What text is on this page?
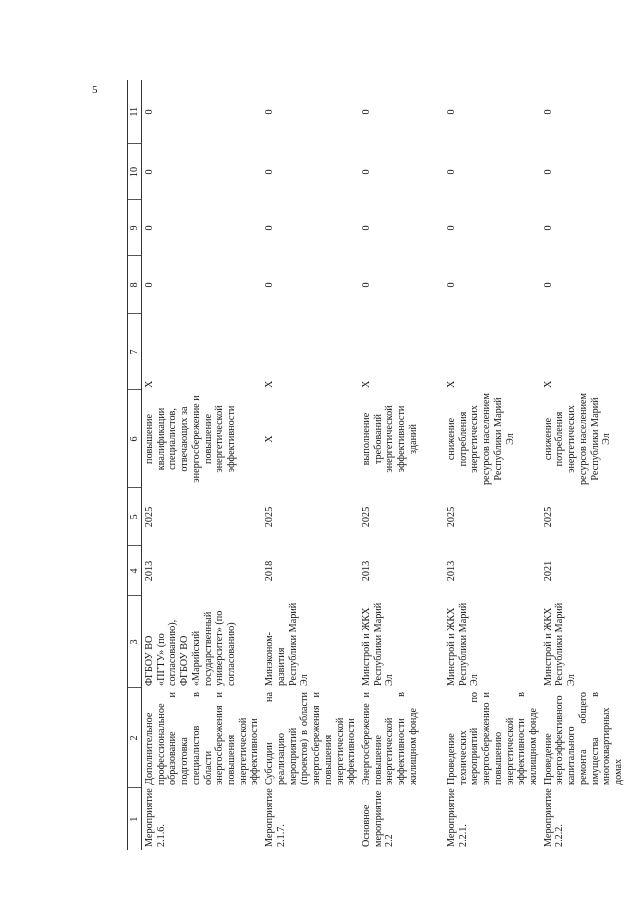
5
1	2	3	4	5	6	7	8	9	10	11
Мероприятие 2.1.6.	Дополнительное профессиональное образование и подготовка специалистов в области энергосбережения и повышения энергетической эффективности	ФГБОУ ВО «ПГТУ» (по согласованию), ФГБОУ ВО «Марийский государственный университет» (по согласованию)	2013	2025	повышение квалификации специалистов, отвечающих за энергосбережение и повышение энергетической эффективности	X	0	0	0	0
Мероприятие 2.1.7.	Субсидии на реализацию мероприятий (проектов) в области энергосбережения и повышения энергетической эффективности	Минэконом-развития Республики Марий Эл	2018	2025	X	X	0	0	0	0
Основное мероприятие 2.2	Энергосбережение и повышение энергетической эффективности в жилищном фонде	Минстрой и ЖКХ Республики Марий Эл	2013	2025	выполнение требований энергетической эффективности зданий	X	0	0	0	0
Мероприятие 2.2.1.	Проведение технических мероприятий по энергосбережению и повышению энергетической эффективности в жилищном фонде	Минстрой и ЖКХ Республики Марий Эл	2013	2025	снижение потребления энергетических ресурсов населением Республики Марий Эл	X	0	0	0	0
Мероприятие 2.2.2.	Проведение энергоэффективного капитального ремонта общего имущества в многоквартирных домах	Минстрой и ЖКХ Республики Марий Эл	2021	2025	снижение потребления энергетических ресурсов населением Республики Марий Эл	X	0	0	0	0
